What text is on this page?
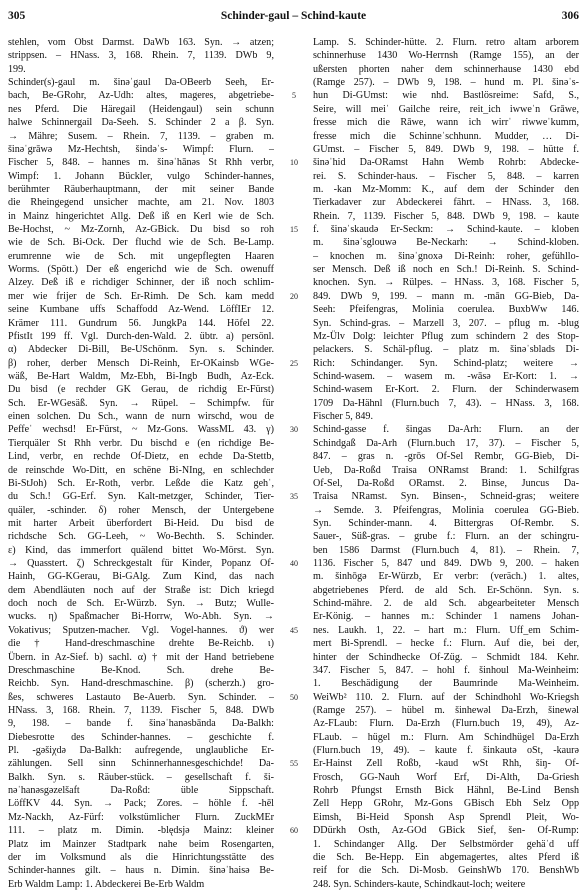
305	Schinder-gaul – Schind-kaute	306
stehlen, vom Obst Darmst. DaWb 163. Syn. → atzen;
strippsen. – HNass. 3, 168. Rhein. 7, 1139. DWb 9,
199.
Schinder(s)-gaul m. šinəˈgaul Da-OBeerb Seeh, Er-
bach, Be-GRohr, Az-Udh: altes, mageres, abgetriebe-
nes Pferd. Die Häregail (Heidengaul) sein schunn
halwe Schinnergail Da-Seeh. S. Schinder 2 a β. Syn.
→ Mähre; Susem. – Rhein. 7, 1139. – graben m.
šinəˈgrāwə Mz-Hechtsh, šindəˈs- Wimpf: Flurn. –
Fischer 5, 848. – hannes m. šinəˈhānəs St Rhh verbr,
Wimpf: 1. Johann Bückler, vulgo Schinder-hannes,
berühmter Räuberhauptmann, der mit seiner Bande
die Rheingegend unsicher machte, am 21. Nov. 1803
in Mainz hingerichtet Allg. Deß iß en Kerl wie de Sch.
Be-Hochst, ~ Mz-Zornh, Az-GBick. Du bisd so roh
wie de Sch. Bi-Ock. Der fluchd wie de Sch. Be-Lamp.
erumrenne wie de Sch. mit ungepflegten Haaren
Worms. (Spött.) Der eß engerichd wie de Sch. owenuff
Alzey. Deß iß e richdiger Schinner, der iß noch schlim-
mer wie frijer de Sch. Er-Rimh. De Sch. kam medd
seine Kumbane uffs Schaffodd Az-Wend. LöffIEr 12.
Krämer 111. Gundrum 56. JungkPa 144. Höfel 22.
PfistIt 199 ff. Vgl. Durch-den-Wald. 2. übtr. a) persönl.
α) Abdecker Di-Bill, Be-USchönm. Syn. s. Schinder.
β) roher, derber Mensch Di-Reinh, Er-OKainsb WGe-
wäß, Be-Hart Waldm, Mz-Ebh, Bi-Ingb Budh, Az-Eck.
Du bisd (e rechder GK Gerau, de richdig Er-Fürst)
Sch. Er-WGesäß. Syn. → Rüpel. – Schimpfw. für
einen solchen. Du Sch., wann de nurn wirschd, wou de
Peffeˈ wechsd! Er-Fürst, ~ Mz-Gons. WassML 43. γ)
Tierquäler St Rhh verbr. Du bischd e (en richdige Be-
Lind, verbr, en rechde Of-Dietz, en echde Da-Stettb,
de reinschde Wo-Ditt, en schëne Bi-NIng, en schlechder
Bi-StJoh) Sch. Er-Roth, verbr. Leßde die Katz gehˈ,
du Sch.! GG-Erf. Syn. Kalt-metzger, Schinder, Tier-
quäler, -schinder. δ) roher Mensch, der Untergebene
mit harter Arbeit überfordert Bi-Heid. Du bisd de
richdsche Sch. GG-Leeh, ~ Wo-Bechth. S. Schinder.
ε) Kind, das immerfort quälend bittet Wo-Mörst. Syn.
→ Quasstert. ζ) Schreckgestalt für Kinder, Popanz Of-
Hainh, GG-KGerau, Bi-GAlg. Zum Kind, das nach
dem Abendläuten noch auf der Straße ist: Dich kriegd
doch noch de Sch. Er-Würzb. Syn. → Butz; Wulle-
wucks. η) Spaßmacher Bi-Horrw, Wo-Abh. Syn. →
Vokativus; Sputzen-macher. Vgl. Vogel-hannes. ϑ) wer
die † Hand-dreschmaschine drehte Be-Reichb. ι)
Übern. in Az-Sief. b) sachl. α) † mit der Hand betriebene
Dreschmaschine Be-Knod. Sch. drehe Be-
Reichb. Syn. Hand-dreschmaschine. β) (scherzh.) gro-
ßes, schweres Lastauto Be-Auerb. Syn. Schinder. –
HNass. 3, 168. Rhein. 7, 1139. Fischer 5, 848. DWb
9, 198. – bande f. šinəˈhanəsbānda Da-Balkh:
Diebesrotte des Schinder-hannes. – geschichte f.
Pl. -gəšiχdə Da-Balkh: aufregende, unglaubliche Er-
zählungen. Sell sinn Schinnerhannesgeschichde! Da-
Balkh. Syn. s. Räuber-stück. – gesellschaft f. ši-
nəˈhanəsgəzelšaft Da-Roßd: üble Sippschaft.
LöffKV 44. Syn. → Pack; Zores. – höhle f. -hēl
Mz-Nackh, Az-Fürf: volkstümlicher Flurn. ZuckMEr
111. – platz m. Dimin. -blędsjə Mainz: kleiner
Platz im Mainzer Stadtpark nahe beim Rosengarten,
der im Volksmund als die Hinrichtungsstätte des
Schinder-hannes gilt. – haus n. Dimin. šinəˈhaisǝ Be-
Erb Waldm Lamp: 1. Abdeckerei Be-Erb Waldm
5
10
15
20
25
30
35
40
45
50
55
60
Lamp. S. Schinder-hütte. 2. Flurn. retro altam arborem
schinnerhuse 1430 Wo-Herrnsh (Ramge 155), an der
ußersten phorten naher dem schinnerhause 1430 ebd
(Ramge 257). – DWb 9, 198. – hund m. Pl. šinəˈs-
hun Di-GUmst: wie nhd. Bastlösreime: Safd, S.,
Seire, will meiˈ Gailche reire, reit_ich iwweˈn Grāwe,
fresse mich die Rāwe, wann ich wirrˈ riwweˈkumm,
fresse mich die Schinneˈschhunn. Mudder, … Di-
GUmst. – Fischer 5, 849. DWb 9, 198. – hütte f.
šinəˈhid Da-ORamst Hahn Wemb Rohrb: Abdecke-
rei. S. Schinder-haus. – Fischer 5, 848. – karren
m. -kan Mz-Momm: K., auf dem der Schinder den
Tierkadaver zur Abdeckerei fährt. – HNass. 3, 168.
Rhein. 7, 1139. Fischer 5, 848. DWb 9, 198. – kaute
f. šinəˈskaudə Er-Seckm: → Schind-kaute. – kloben
m. šinəˈsglouwə Be-Neckarh: → Schind-kloben.
– knochen m. šinəˈgnoxə Di-Reinh: roher, gefühllo-
ser Mensch. Deß iß noch en Sch.! Di-Reinh. S. Schind-
knochen. Syn. → Rülpes. – HNass. 3, 168. Fischer 5,
849. DWb 9, 199. – mann m. -mān GG-Bieb, Da-
Seeh: Pfeifengras, Molinia coerulea. BuxbWw 146.
Syn. Schind-gras. – Marzell 3, 207. – pflug m. -blug
Mz-Ülv Dolg: leichter Pflug zum schindern 2 des Stop-
pelackers. S. Schäl-pflug. – platz m. šinəˈsblads Di-
Rich: Schindanger. Syn. Schind-platz; weitere →
Schind-wasem. – wasem m. -wāsə Er-Kort: 1. →
Schind-wasem Er-Kort. 2. Flurn. der Schinderwasem
1709 Da-Hähnl (Flurn.buch 7, 43). – HNass. 3, 168.
Fischer 5, 849.
Schind-gasse f. šingas Da-Arh: Flurn. an der
Schindgaß Da-Arh (Flurn.buch 17, 37). – Fischer 5,
847. – gras n. -grōs Of-Sel Rembr, GG-Bieb, Di-
Ueb, Da-Roßd Traisa ONRamst Brand: 1. Schilfgras
Of-Sel, Da-Roßd ORamst. 2. Binse, Juncus Da-
Traisa NRamst. Syn. Binsen-, Schneid-gras; weitere
→ Semde. 3. Pfeifengras, Molinia coerulea GG-Bieb.
Syn. Schinder-mann. 4. Bittergras Of-Rembr. S.
Sauer-, Süß-gras. – grube f.: Flurn. an der schingru-
ben 1586 Darmst (Flurn.buch 4, 81). – Rhein. 7,
1136. Fischer 5, 847 und 849. DWb 9, 200. – haken
m. šinhōgə Er-Würzb, Er verbr: (veräch.) 1. altes,
abgetriebenes Pferd. de ald Sch. Er-Schönn. Syn. s.
Schind-mähre. 2. de ald Sch. abgearbeiteter Mensch
Er-König. – hannes m.: Schinder 1 namens Johan-
nes. Laukh. 1, 22. – hart m.: Flurn. Uff_em Schim-
mert Bi-Sprendl. – hecke f.: Flurn. Auf die, bei der,
hinter der Schindhecke Of-Züg. – Schmidt 184. Kehr.
347. Fischer 5, 847. – hohl f. šinhoul Ma-Weinheim:
1. Beschädigung der Baumrinde Ma-Weinheim.
WeiWb² 110. 2. Flurn. auf der Schindhohl Wo-Kriegsh
(Ramge 257). – hübel m. šinhewəl Da-Erzh, šinewəl
Az-FLaub: Flurn. Da-Erzh (Flurn.buch 19, 49), Az-
FLaub. – hügel m.: Flurn. Am Schindhügel Da-Erzh
(Flurn.buch 19, 49). – kaute f. šinkautə oSt, -kaurə
Er-Hainst Zell Roßb, -kaud wSt Rhh, šiŋ- Of-
Frosch, GG-Nauh Worf Erf, Di-Alth, Da-Griesh
Rohrb Pfungst Ernsth Bick Hähnl, Be-Lind Bensh
Zell Hepp GRohr, Mz-Gons GBisch Ebh Selz Opp
Eimsh, Bi-Heid Sponsh Asp Sprendl Pleit, Wo-
DDürkh Osth, Az-GOd GBick Sief, šen- Of-Rump:
1. Schindanger Allg. Der Selbstmörder gehäˈd uff
die Sch. Be-Hepp. Ein abgemagertes, altes Pferd iß
reif for die Sch. Di-Mosb. GeinshWb 170. BenshWb
248. Syn. Schinders-kaute, Schindkaut-loch; weitere
